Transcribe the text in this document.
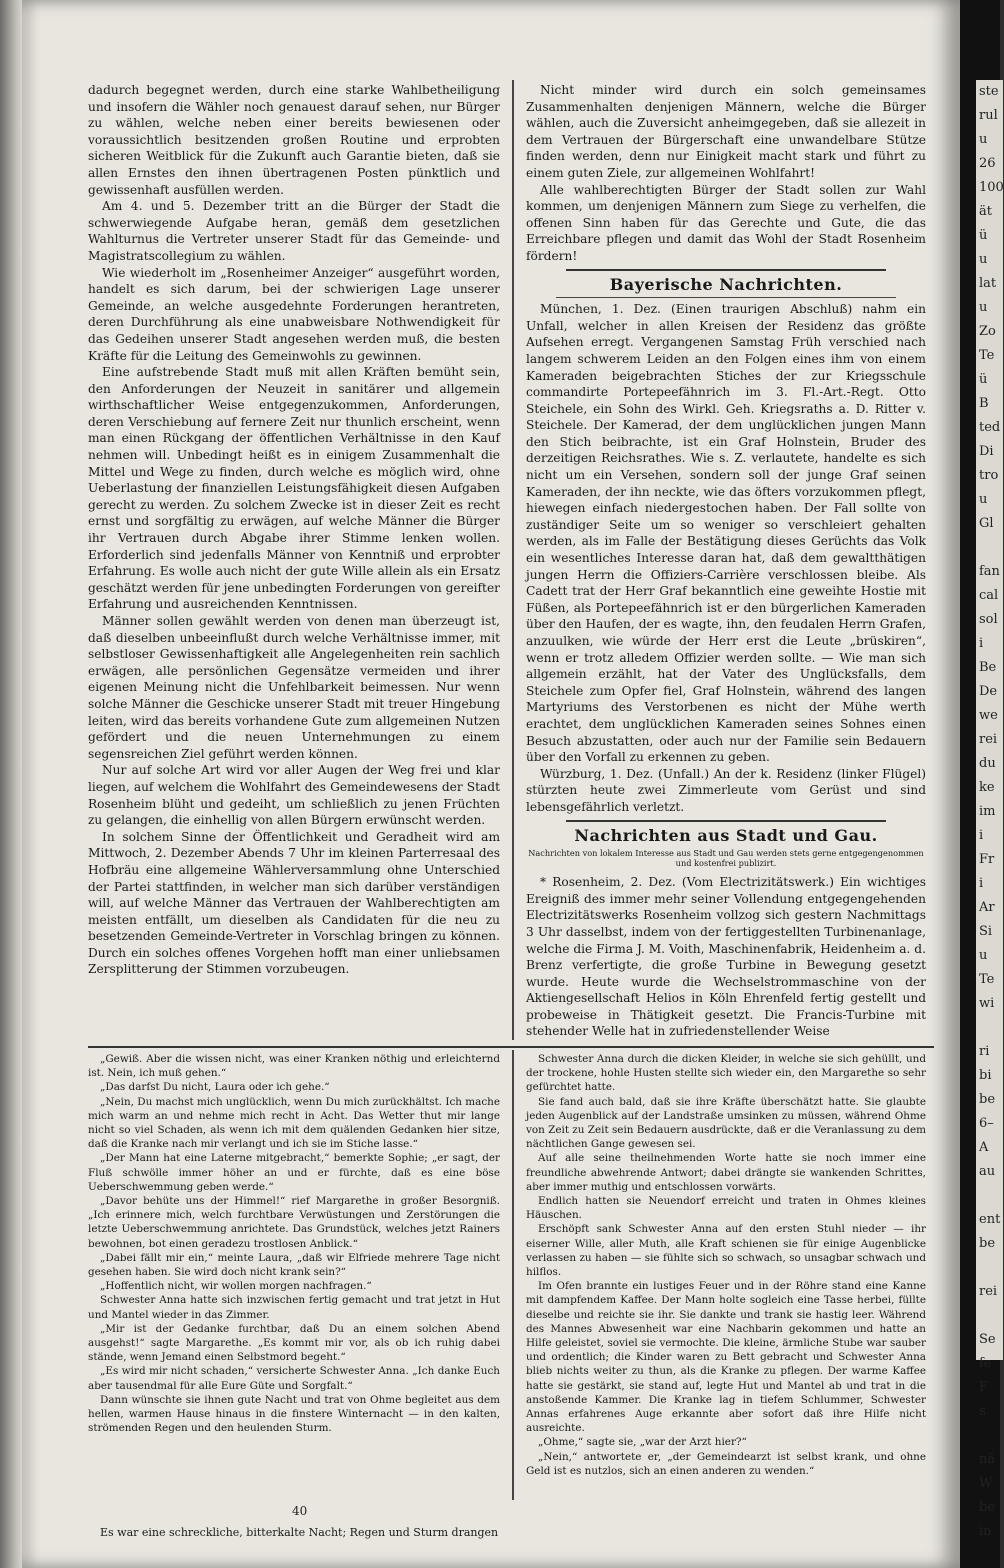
ste
rul
u
26
100
ät
ü
u
lat
u
Zo
Te
ü
B
ted
Di
tro
u
Gl

fan
cal
sol
i
Be
De
we
rei
du
ke
im
i
Fr
i
Ar
Si
u
Te
wi

ri
bi
be
6–
A
au

ent
be

rei

Se
fe
F
s

nä
W
be
in

dadurch begegnet werden, durch eine starke Wahlbetheiligung und insofern die Wähler noch genauest darauf sehen, nur Bürger zu wählen, welche neben einer bereits bewiesenen oder voraussichtlich besitzenden großen Routine und erprobten sicheren Weitblick für die Zukunft auch Garantie bieten, daß sie allen Ernstes den ihnen übertragenen Posten pünktlich und gewissenhaft ausfüllen werden.

Am 4. und 5. Dezember tritt an die Bürger der Stadt die schwerwiegende Aufgabe heran, gemäß dem gesetzlichen Wahlturnus die Vertreter unserer Stadt für das Gemeinde- und Magistratscollegium zu wählen.

Wie wiederholt im „Rosenheimer Anzeiger“ ausgeführt worden, handelt es sich darum, bei der schwierigen Lage unserer Gemeinde, an welche ausgedehnte Forderungen herantreten, deren Durchführung als eine unabweisbare Nothwendigkeit für das Gedeihen unserer Stadt angesehen werden muß, die besten Kräfte für die Leitung des Gemeinwohls zu gewinnen.

Eine aufstrebende Stadt muß mit allen Kräften bemüht sein, den Anforderungen der Neuzeit in sanitärer und allgemein wirthschaftlicher Weise entgegenzukommen, Anforderungen, deren Verschiebung auf fernere Zeit nur thunlich erscheint, wenn man einen Rückgang der öffentlichen Verhältnisse in den Kauf nehmen will. Unbedingt heißt es in einigem Zusammenhalt die Mittel und Wege zu finden, durch welche es möglich wird, ohne Ueberlastung der finanziellen Leistungsfähigkeit diesen Aufgaben gerecht zu werden. Zu solchem Zwecke ist in dieser Zeit es recht ernst und sorgfältig zu erwägen, auf welche Männer die Bürger ihr Vertrauen durch Abgabe ihrer Stimme lenken wollen. Erforderlich sind jedenfalls Männer von Kenntniß und erprobter Erfahrung. Es wolle auch nicht der gute Wille allein als ein Ersatz geschätzt werden für jene unbedingten Forderungen von gereifter Erfahrung und ausreichenden Kenntnissen.

Männer sollen gewählt werden von denen man überzeugt ist, daß dieselben unbeeinflußt durch welche Verhältnisse immer, mit selbstloser Gewissenhaftigkeit alle Angelegenheiten rein sachlich erwägen, alle persönlichen Gegensätze vermeiden und ihrer eigenen Meinung nicht die Unfehlbarkeit beimessen. Nur wenn solche Männer die Geschicke unserer Stadt mit treuer Hingebung leiten, wird das bereits vorhandene Gute zum allgemeinen Nutzen gefördert und die neuen Unternehmungen zu einem segensreichen Ziel geführt werden können.

Nur auf solche Art wird vor aller Augen der Weg frei und klar liegen, auf welchem die Wohlfahrt des Gemeindewesens der Stadt Rosenheim blüht und gedeiht, um schließlich zu jenen Früchten zu gelangen, die einhellig von allen Bürgern erwünscht werden.

In solchem Sinne der Öffentlichkeit und Geradheit wird am Mittwoch, 2. Dezember Abends 7 Uhr im kleinen Parterresaal des Hofbräu eine allgemeine Wählerversammlung ohne Unterschied der Partei stattfinden, in welcher man sich darüber verständigen will, auf welche Männer das Vertrauen der Wahlberechtigten am meisten entfällt, um dieselben als Candidaten für die neu zu besetzenden Gemeinde-Vertreter in Vorschlag bringen zu können. Durch ein solches offenes Vorgehen hofft man einer unliebsamen Zersplitterung der Stimmen vorzubeugen.

Nicht minder wird durch ein solch gemeinsames Zusammenhalten denjenigen Männern, welche die Bürger wählen, auch die Zuversicht anheimgegeben, daß sie allezeit in dem Vertrauen der Bürgerschaft eine unwandelbare Stütze finden werden, denn nur Einigkeit macht stark und führt zu einem guten Ziele, zur allgemeinen Wohlfahrt!

Alle wahlberechtigten Bürger der Stadt sollen zur Wahl kommen, um denjenigen Männern zum Siege zu verhelfen, die offenen Sinn haben für das Gerechte und Gute, die das Erreichbare pflegen und damit das Wohl der Stadt Rosenheim fördern!

Bayerische Nachrichten.

München, 1. Dez. (Einen traurigen Abschluß) nahm ein Unfall, welcher in allen Kreisen der Residenz das größte Aufsehen erregt. Vergangenen Samstag Früh verschied nach langem schwerem Leiden an den Folgen eines ihm von einem Kameraden beigebrachten Stiches der zur Kriegsschule commandirte Portepeefähnrich im 3. Fl.-Art.-Regt. Otto Steichele, ein Sohn des Wirkl. Geh. Kriegsraths a. D. Ritter v. Steichele. Der Kamerad, der dem unglücklichen jungen Mann den Stich beibrachte, ist ein Graf Holnstein, Bruder des derzeitigen Reichsrathes. Wie s. Z. verlautete, handelte es sich nicht um ein Versehen, sondern soll der junge Graf seinen Kameraden, der ihn neckte, wie das öfters vorzukommen pflegt, hiewegen einfach niedergestochen haben. Der Fall sollte von zuständiger Seite um so weniger so verschleiert gehalten werden, als im Falle der Bestätigung dieses Gerüchts das Volk ein wesentliches Interesse daran hat, daß dem gewaltthätigen jungen Herrn die Offiziers-Carrière verschlossen bleibe. Als Cadett trat der Herr Graf bekanntlich eine geweihte Hostie mit Füßen, als Portepeefähnrich ist er den bürgerlichen Kameraden über den Haufen, der es wagte, ihn, den feudalen Herrn Grafen, anzuulken, wie würde der Herr erst die Leute „brüskiren“, wenn er trotz alledem Offizier werden sollte. — Wie man sich allgemein erzählt, hat der Vater des Unglücksfalls, dem Steichele zum Opfer fiel, Graf Holnstein, während des langen Martyriums des Verstorbenen es nicht der Mühe werth erachtet, dem unglücklichen Kameraden seines Sohnes einen Besuch abzustatten, oder auch nur der Familie sein Bedauern über den Vorfall zu erkennen zu geben.

Würzburg, 1. Dez. (Unfall.) An der k. Residenz (linker Flügel) stürzten heute zwei Zimmerleute vom Gerüst und sind lebensgefährlich verletzt.

Nachrichten aus Stadt und Gau.
Nachrichten von lokalem Interesse aus Stadt und Gau werden stets gerne entgegengenommen und kostenfrei publizirt.

* Rosenheim, 2. Dez. (Vom Electrizitätswerk.) Ein wichtiges Ereigniß des immer mehr seiner Vollendung entgegengehenden Electrizitätswerks Rosenheim vollzog sich gestern Nachmittags 3 Uhr dasselbst, indem von der fertiggestellten Turbinenanlage, welche die Firma J. M. Voith, Maschinenfabrik, Heidenheim a. d. Brenz verfertigte, die große Turbine in Bewegung gesetzt wurde. Heute wurde die Wechselstrommaschine von der Aktiengesellschaft Helios in Köln Ehrenfeld fertig gestellt und probeweise in Thätigkeit gesetzt. Die Francis-Turbine mit stehender Welle hat in zufriedenstellender Weise

„Gewiß. Aber die wissen nicht, was einer Kranken nöthig und erleichternd ist. Nein, ich muß gehen.“

„Das darfst Du nicht, Laura oder ich gehe.“

„Nein, Du machst mich unglücklich, wenn Du mich zurückhältst. Ich mache mich warm an und nehme mich recht in Acht. Das Wetter thut mir lange nicht so viel Schaden, als wenn ich mit dem quälenden Gedanken hier sitze, daß die Kranke nach mir verlangt und ich sie im Stiche lasse.“

„Der Mann hat eine Laterne mitgebracht,“ bemerkte Sophie; „er sagt, der Fluß schwölle immer höher an und er fürchte, daß es eine böse Ueberschwemmung geben werde.“

„Davor behüte uns der Himmel!“ rief Margarethe in großer Besorgniß. „Ich erinnere mich, welch furchtbare Verwüstungen und Zerstörungen die letzte Ueberschwemmung anrichtete. Das Grundstück, welches jetzt Rainers bewohnen, bot einen geradezu trostlosen Anblick.“

„Dabei fällt mir ein,“ meinte Laura, „daß wir Elfriede mehrere Tage nicht gesehen haben. Sie wird doch nicht krank sein?“

„Hoffentlich nicht, wir wollen morgen nachfragen.“

Schwester Anna hatte sich inzwischen fertig gemacht und trat jetzt in Hut und Mantel wieder in das Zimmer.

„Mir ist der Gedanke furchtbar, daß Du an einem solchen Abend ausgehst!“ sagte Margarethe. „Es kommt mir vor, als ob ich ruhig dabei stände, wenn Jemand einen Selbstmord begeht.“

„Es wird mir nicht schaden,“ versicherte Schwester Anna. „Ich danke Euch aber tausendmal für alle Eure Güte und Sorgfalt.“

Dann wünschte sie ihnen gute Nacht und trat von Ohme begleitet aus dem hellen, warmen Hause hinaus in die finstere Winternacht — in den kalten, strömenden Regen und den heulenden Sturm.

Schwester Anna durch die dicken Kleider, in welche sie sich gehüllt, und der trockene, hohle Husten stellte sich wieder ein, den Margarethe so sehr gefürchtet hatte.

Sie fand auch bald, daß sie ihre Kräfte überschätzt hatte. Sie glaubte jeden Augenblick auf der Landstraße umsinken zu müssen, während Ohme von Zeit zu Zeit sein Bedauern ausdrückte, daß er die Veranlassung zu dem nächtlichen Gange gewesen sei.

Auf alle seine theilnehmenden Worte hatte sie noch immer eine freundliche abwehrende Antwort; dabei drängte sie wankenden Schrittes, aber immer muthig und entschlossen vorwärts.

Endlich hatten sie Neuendorf erreicht und traten in Ohmes kleines Häuschen.

Erschöpft sank Schwester Anna auf den ersten Stuhl nieder — ihr eiserner Wille, aller Muth, alle Kraft schienen sie für einige Augenblicke verlassen zu haben — sie fühlte sich so schwach, so unsagbar schwach und hilflos.

Im Ofen brannte ein lustiges Feuer und in der Röhre stand eine Kanne mit dampfendem Kaffee. Der Mann holte sogleich eine Tasse herbei, füllte dieselbe und reichte sie ihr. Sie dankte und trank sie hastig leer. Während des Mannes Abwesenheit war eine Nachbarin gekommen und hatte an Hilfe geleistet, soviel sie vermochte. Die kleine, ärmliche Stube war sauber und ordentlich; die Kinder waren zu Bett gebracht und Schwester Anna blieb nichts weiter zu thun, als die Kranke zu pflegen. Der warme Kaffee hatte sie gestärkt, sie stand auf, legte Hut und Mantel ab und trat in die anstoßende Kammer. Die Kranke lag in tiefem Schlummer, Schwester Annas erfahrenes Auge erkannte aber sofort daß ihre Hilfe nicht ausreichte.

„Ohme,“ sagte sie, „war der Arzt hier?“

„Nein,“ antwortete er, „der Gemeindearzt ist selbst krank, und ohne Geld ist es nutzlos, sich an einen anderen zu wenden.“

40
Es war eine schreckliche, bitterkalte Nacht; Regen und Sturm drangen
